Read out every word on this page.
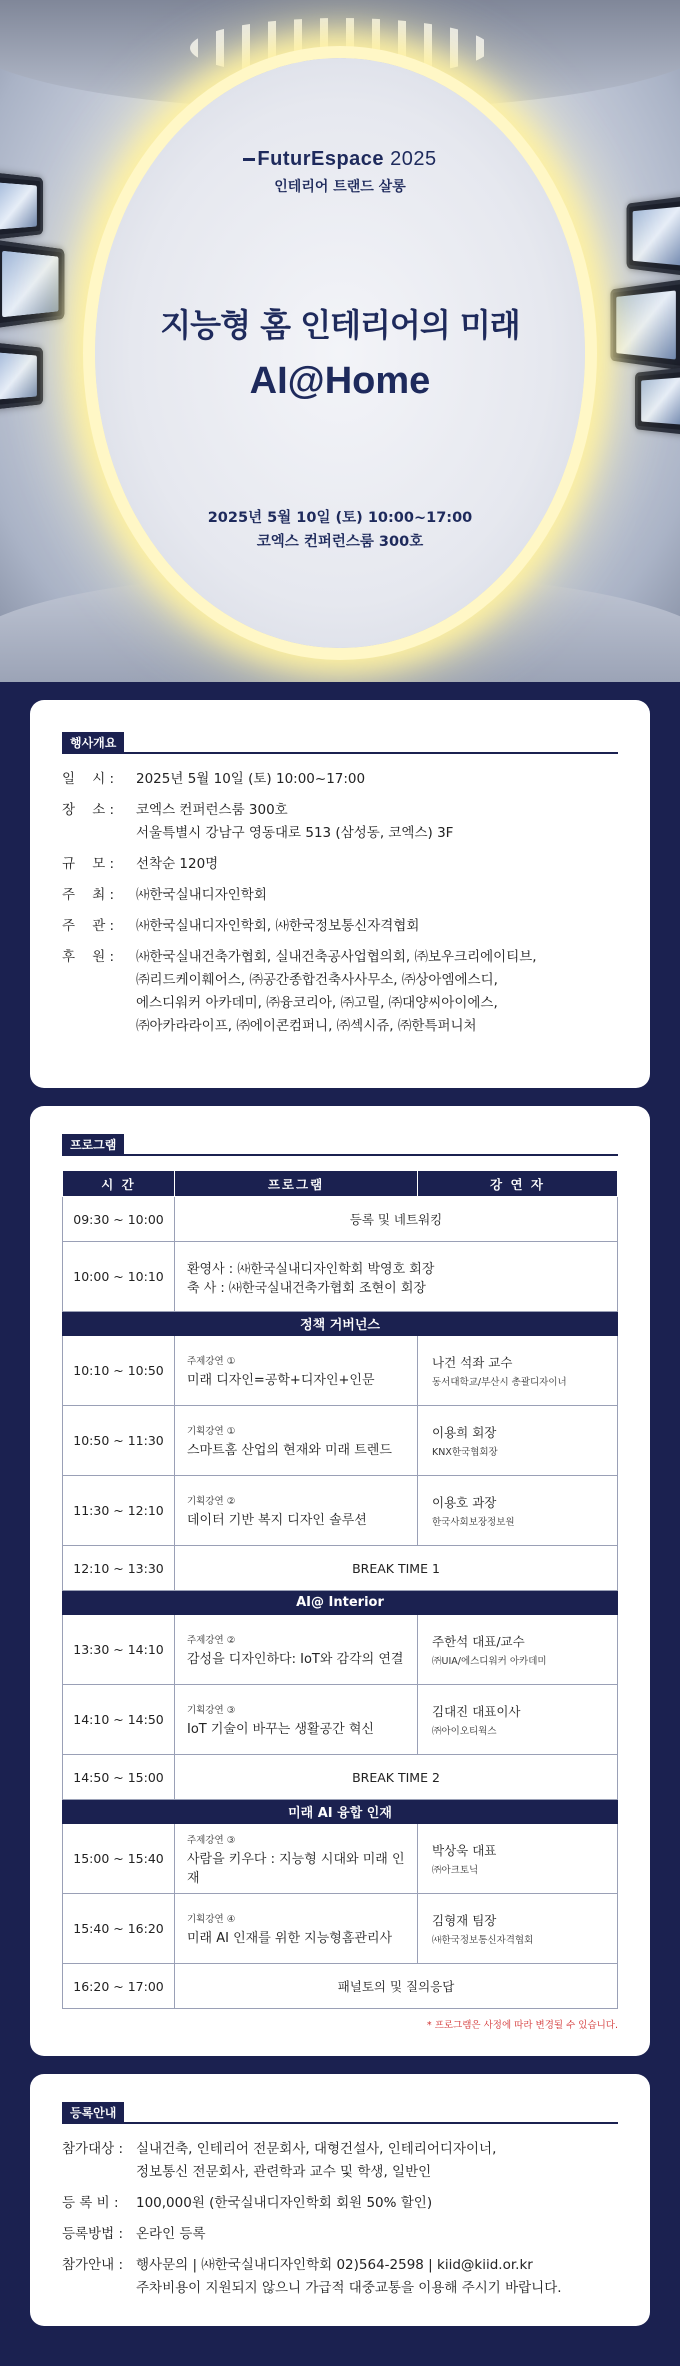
FuturEspace 2025
인테리어 트랜드 살롱
지능형 홈 인테리어의 미래
AI@Home
2025년 5월 10일 (토) 10:00~17:00
코엑스 컨퍼런스룸 300호
행사개요
일    시 :	2025년 5월 10일 (토) 10:00~17:00
장    소 :	코엑스 컨퍼런스룸 300호
서울특별시 강남구 영동대로 513 (삼성동, 코엑스) 3F
규    모 :	선착순 120명
주    최 :	㈔한국실내디자인학회
주    관 :	㈔한국실내디자인학회, ㈔한국정보통신자격협회
후    원 :	㈔한국실내건축가협회, 실내건축공사업협의회, ㈜보우크리에이티브,
㈜리드케이훼어스, ㈜공간종합건축사사무소, ㈜상아엠에스디,
에스디워커 아카데미, ㈜융코리아, ㈜고릴, ㈜대양씨아이에스,
㈜아카라라이프, ㈜에이콘컴퍼니, ㈜섹시쥬, ㈜한특퍼니처
프로그램
시 간	프로그램	강 연 자
09:30 ~ 10:00	등록 및 네트워킹	
10:00 ~ 10:10	환영사 : ㈔한국실내디자인학회 박영호 회장
축 사 : ㈔한국실내건축가협회 조현이 회장	

정책 거버넌스		
10:10 ~ 10:50	주제강연 ①
미래 디자인=공학+디자인+인문	나건 석좌 교수
동서대학교/부산시 총괄디자이너

10:50 ~ 11:30	기획강연 ①
스마트홈 산업의 현재와 미래 트렌드	이용희 회장
KNX한국협회장

11:30 ~ 12:10	기획강연 ②
데이터 기반 복지 디자인 솔루션	이용호 과장
한국사회보장정보원

12:10 ~ 13:30	BREAK TIME 1	
AI@ Interior		
13:30 ~ 14:10	주제강연 ②
감성을 디자인하다: IoT와 감각의 연결	주한석 대표/교수
㈜UIA/에스디워커 아카데미

14:10 ~ 14:50	기획강연 ③
IoT 기술이 바꾸는 생활공간 혁신	김대진 대표이사
㈜아이오티웍스

14:50 ~ 15:00	BREAK TIME 2	
미래 AI 융합 인재		
15:00 ~ 15:40	주제강연 ③
사람을 키우다 : 지능형 시대와 미래 인재	박상욱 대표
㈜아크토닉

15:40 ~ 16:20	기획강연 ④
미래 AI 인재를 위한 지능형홈관리사	김형재 팀장
㈔한국정보통신자격협회

16:20 ~ 17:00	패널토의 및 질의응답	
* 프로그램은 사정에 따라 변경될 수 있습니다.
등록안내
참가대상 : 실내건축, 인테리어 전문회사, 대형건설사, 인테리어디자이너,
정보통신 전문회사, 관련학과 교수 및 학생, 일반인
등 록 비 :	100,000원 (한국실내디자인학회 회원 50% 할인)
등록방법 : 온라인 등록
참가안내 : 행사문의 | ㈔한국실내디자인학회 02)564-2598 | kiid@kiid.or.kr
주차비용이 지원되지 않으니 가급적 대중교통을 이용해 주시기 바랍니다.
